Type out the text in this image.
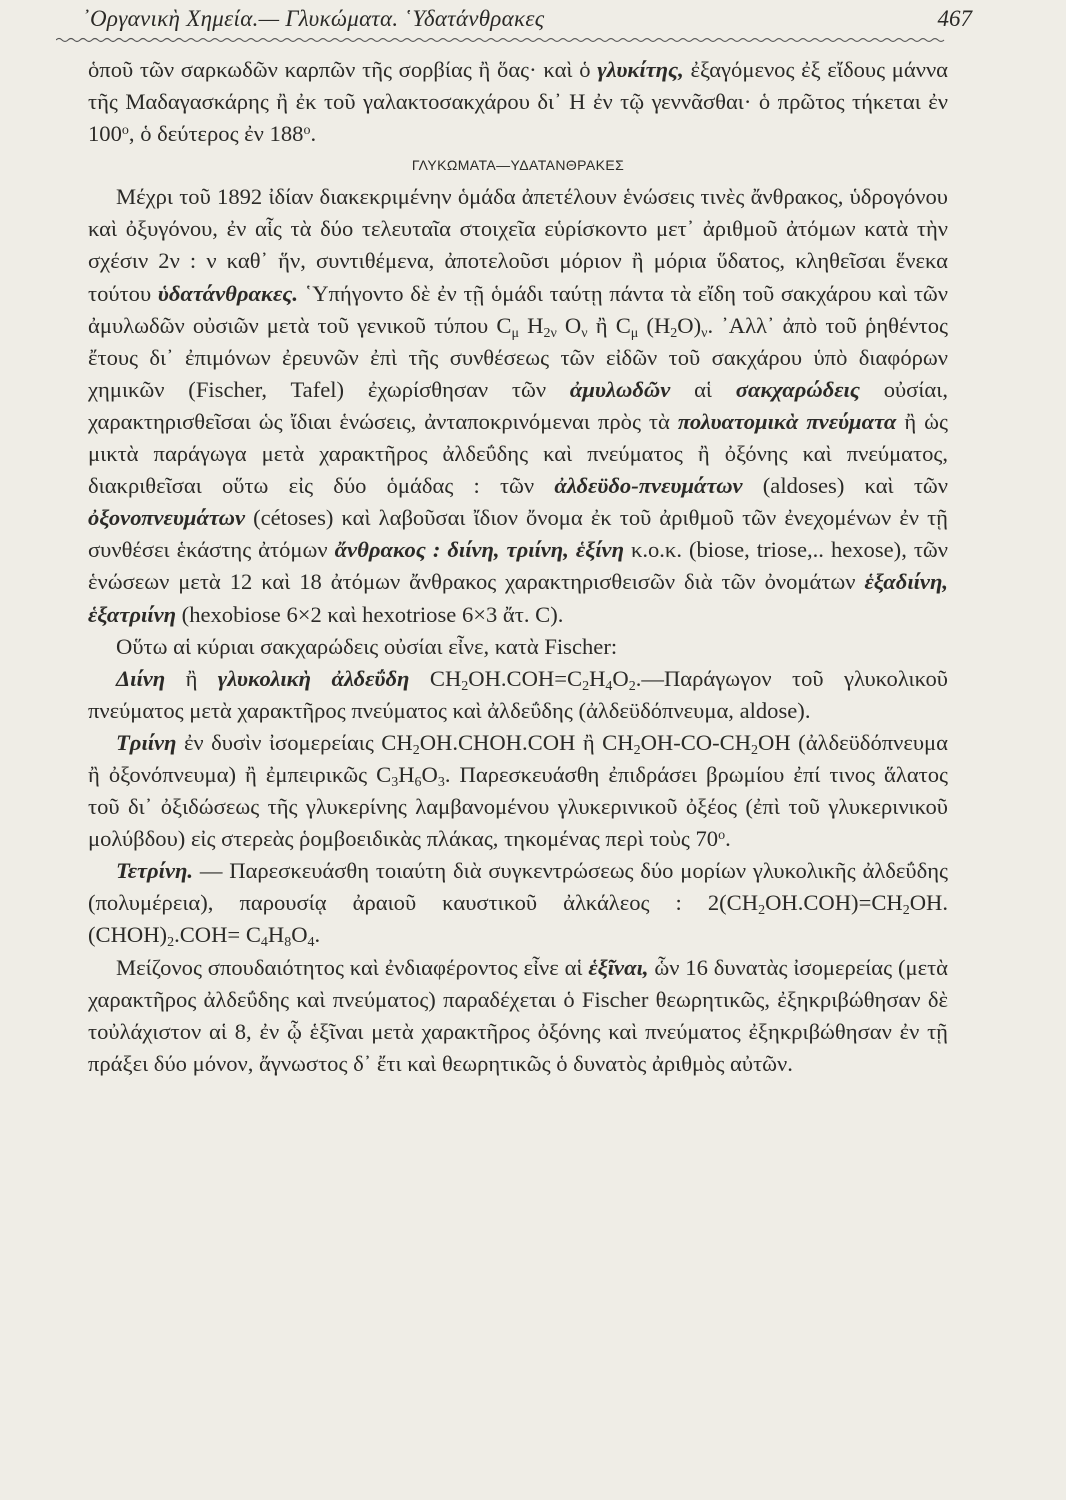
᾿Οργανικὴ Χημεία.— Γλυκώματα. ῾Υδατάνθρακες	467

ὁποῦ τῶν σαρκωδῶν καρπῶν τῆς σορβίας ἢ ὅας· καὶ ὁ γλυκίτης, ἐξαγόμενος ἐξ εἴδους μάννα τῆς Μαδαγασκάρης ἢ ἐκ τοῦ γαλακτοσακχάρου δι᾿ Η ἐν τῷ γεννᾶσθαι· ὁ πρῶτος τήκεται ἐν $100^o$, ὁ δεύτερος ἐν $188^o$.

ΓΛΥΚΩΜΑΤΑ—ΥΔΑΤΑΝΘΡΑΚΕΣ

Μέχρι τοῦ 1892 ἰδίαν διακεκριμένην ὁμάδα ἀπετέλουν ἑνώσεις τινὲς ἄνθρακος, ὑδρογόνου καὶ ὀξυγόνου, ἐν αἷς τὰ δύο τελευταῖα στοιχεῖα εὑρίσκοντο μετ᾿ ἀριθμοῦ ἀτόμων κατὰ τὴν σχέσιν 2ν : ν καθ᾿ ἥν, συντιθέμενα, ἀποτελοῦσι μόριον ἢ μόρια ὕδατος, κληθεῖσαι ἕνεκα τούτου ὑδατάνθρακες. ῾Υπήγοντο δὲ ἐν τῇ ὁμάδι ταύτῃ πάντα τὰ εἴδη τοῦ σακχάρου καὶ τῶν ἀμυλωδῶν οὐσιῶν μετὰ τοῦ γενικοῦ τύπου $C_\mu$ $H_{2\nu}$ $O_\nu$ ἢ $C_\mu$ $(H_2O)_\nu$. ᾿Αλλ᾿ ἀπὸ τοῦ ῥηθέντος ἔτους δι᾿ ἐπιμόνων ἐρευνῶν ἐπὶ τῆς συνθέσεως τῶν εἰδῶν τοῦ σακχάρου ὑπὸ διαφόρων χημικῶν (Fischer, Tafel) ἐχωρίσθησαν τῶν ἀμυλωδῶν αἱ σακχαρώδεις οὐσίαι, χαρακτηρισθεῖσαι ὡς ἴδιαι ἑνώσεις, ἀνταποκρινόμεναι πρὸς τὰ πολυατομικὰ πνεύματα ἢ ὡς μικτὰ παράγωγα μετὰ χαρακτῆρος ἀλδεΰδης καὶ πνεύματος ἢ ὀξόνης καὶ πνεύματος, διακριθεῖσαι οὕτω εἰς δύο ὁμάδας : τῶν ἀλδεϋδο-πνευμάτων (aldoses) καὶ τῶν ὀξονοπνευμάτων (cétoses) καὶ λαβοῦσαι ἴδιον ὄνομα ἐκ τοῦ ἀριθμοῦ τῶν ἐνεχομένων ἐν τῇ συνθέσει ἑκάστης ἀτόμων ἄνθρακος : διίνη, τριίνη, ἑξίνη κ.ο.κ. (biose, triose,.. hexose), τῶν ἑνώσεων μετὰ 12 καὶ 18 ἀτόμων ἄνθρακος χαρακτηρισθεισῶν διὰ τῶν ὀνομάτων ἑξαδιίνη, ἑξατριίνη (hexobiose 6×2 καὶ hexotriose 6×3 ἄτ. C).

Οὕτω αἱ κύριαι σακχαρώδεις οὐσίαι εἶνε, κατὰ Fischer:

Διίνη ἢ γλυκολικὴ ἀλδεΰδη $CH_2OH.COH=C_2H_4O_2.—\Pi\alpha\rho ά\gamma\omega\gamma o\nu$ τοῦ γλυκολικοῦ πνεύματος μετὰ χαρακτῆρος πνεύματος καὶ ἀλδεΰδης (ἀλδεϋδόπνευμα, aldose).

Τριίνη ἐν δυσὶν ἰσομερείαις $CH_2OH.CHOH.COH$ ἢ $CH_2OH-CO-CH_2OH$ (ἀλδεϋδόπνευμα ἢ ὀξονόπνευμα) ἢ ἐμπειρικῶς $C_3H_6O_3$. Παρεσκευάσθη ἐπιδράσει βρωμίου ἐπί τινος ἅλατος τοῦ δι᾿ ὀξιδώσεως τῆς γλυκερίνης λαμβανομένου γλυκερινικοῦ ὀξέος (ἐπὶ τοῦ γλυκερινικοῦ μολύβδου) εἰς στερεὰς ῥομβοειδικὰς πλάκας, τηκομένας περὶ τοὺς $70^o$.

Τετρίνη. — Παρεσκευάσθη τοιαύτη διὰ συγκεντρώσεως δύο μορίων γλυκολικῆς ἀλδεΰδης (πολυμέρεια), παρουσίᾳ ἀραιοῦ καυστικοῦ ἀλκάλεος : $2(CH_2OH.COH)=CH_2OH.(CHOH)_2.COH= C_4H_8O_4$.

Μείζονος σπουδαιότητος καὶ ἐνδιαφέροντος εἶνε αἱ ἑξῖναι, ὧν 16 δυνατὰς ἰσομερείας (μετὰ χαρακτῆρος ἀλδεΰδης καὶ πνεύματος) παραδέχεται ὁ Fischer θεωρητικῶς, ἐξηκριβώθησαν δὲ τοὐλάχιστον αἱ 8, ἐν ᾧ ἑξῖναι μετὰ χαρακτῆρος ὀξόνης καὶ πνεύματος ἐξηκριβώθησαν ἐν τῇ πράξει δύο μόνον, ἄγνωστος δ᾿ ἔτι καὶ θεωρητικῶς ὁ δυνατὸς ἀριθμὸς αὐτῶν.
